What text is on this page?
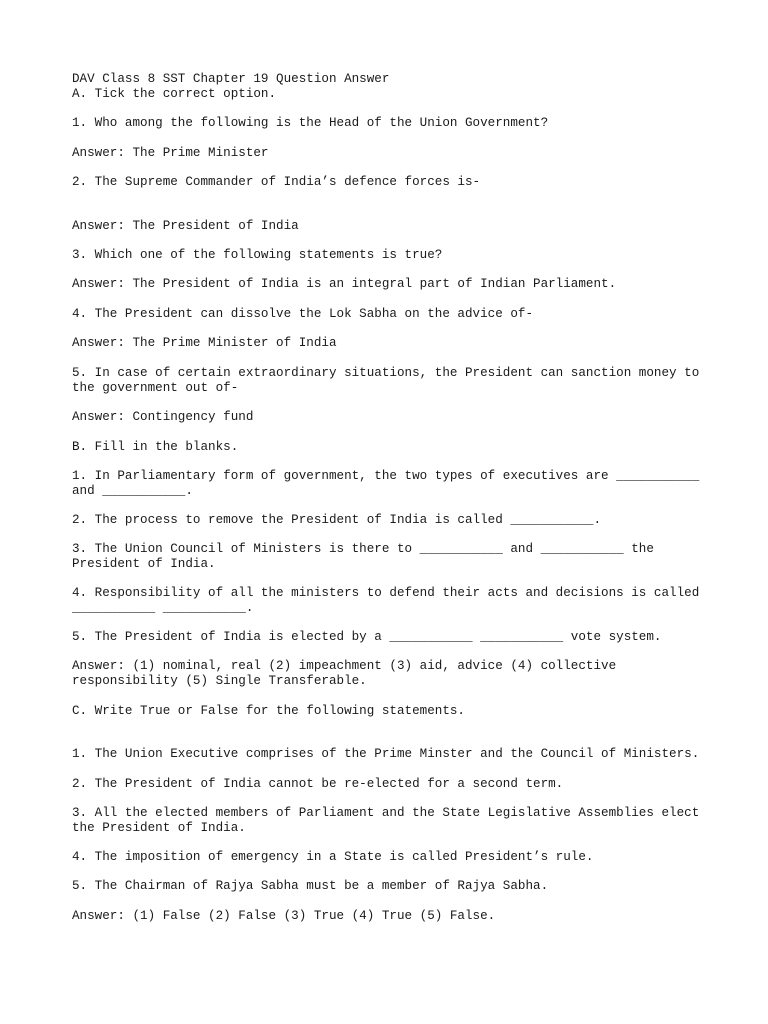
DAV Class 8 SST Chapter 19 Question Answer

A. Tick the correct option.

1. Who among the following is the Head of the Union Government?

Answer: The Prime Minister

2. The Supreme Commander of India’s defence forces is-

Answer: The President of India

3. Which one of the following statements is true?

Answer: The President of India is an integral part of Indian Parliament.

4. The President can dissolve the Lok Sabha on the advice of-

Answer: The Prime Minister of India

5. In case of certain extraordinary situations, the President can sanction money to the government out of-

Answer: Contingency fund

B. Fill in the blanks.

1. In Parliamentary form of government, the two types of executives are ___________ and ___________.

2. The process to remove the President of India is called ___________.

3. The Union Council of Ministers is there to ___________ and ___________ the President of India.

4. Responsibility of all the ministers to defend their acts and decisions is called ___________ ___________.

5. The President of India is elected by a ___________ ___________ vote system.

Answer: (1) nominal, real (2) impeachment (3) aid, advice (4) collective responsibility (5) Single Transferable.

C. Write True or False for the following statements.

1. The Union Executive comprises of the Prime Minster and the Council of Ministers.

2. The President of India cannot be re-elected for a second term.

3. All the elected members of Parliament and the State Legislative Assemblies elect the President of India.

4. The imposition of emergency in a State is called President’s rule.

5. The Chairman of Rajya Sabha must be a member of Rajya Sabha.

Answer: (1) False (2) False (3) True (4) True (5) False.
